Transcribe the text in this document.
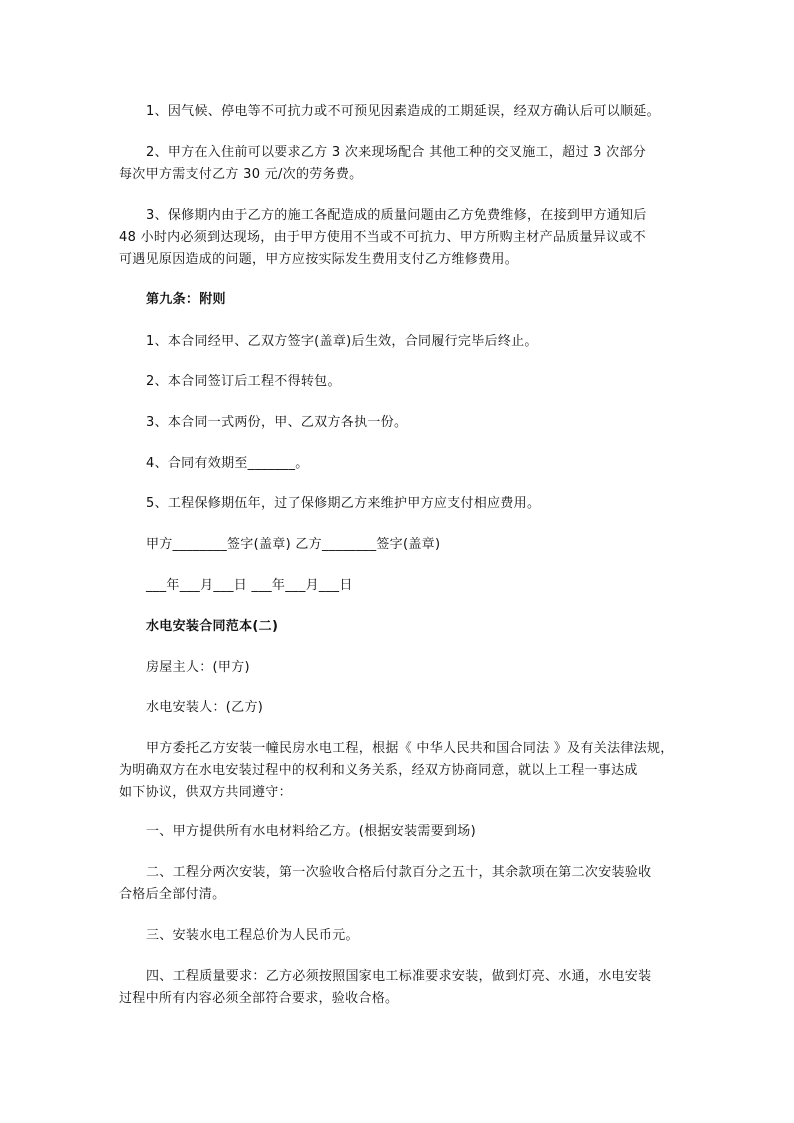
1、因气候、停电等不可抗力或不可预见因素造成的工期延误，经双方确认后可以顺延。

2、甲方在入住前可以要求乙方 3 次来现场配合 其他工种的交叉施工，超过 3 次部分
每次甲方需支付乙方 30 元/次的劳务费。

3、保修期内由于乙方的施工各配造成的质量问题由乙方免费维修，在接到甲方通知后
48 小时内必须到达现场，由于甲方使用不当或不可抗力、甲方所购主材产品质量异议或不
可遇见原因造成的问题，甲方应按实际发生费用支付乙方维修费用。

第九条：附则

1、本合同经甲、乙双方签字(盖章)后生效，合同履行完毕后终止。

2、本合同签订后工程不得转包。

3、本合同一式两份，甲、乙双方各执一份。

4、合同有效期至_______。

5、工程保修期伍年，过了保修期乙方来维护甲方应支付相应费用。

甲方________签字(盖章) 乙方________签字(盖章)

___年___月___日 ___年___月___日

水电安装合同范本(二)

房屋主人：(甲方)

水电安装人：(乙方)

甲方委托乙方安装一幢民房水电工程，根据《 中华人民共和国合同法 》及有关法律法规，
为明确双方在水电安装过程中的权利和义务关系，经双方协商同意，就以上工程一事达成
如下协议，供双方共同遵守：

一、甲方提供所有水电材料给乙方。(根据安装需要到场)

二、工程分两次安装，第一次验收合格后付款百分之五十，其余款项在第二次安装验收
合格后全部付清。

三、安装水电工程总价为人民币元。

四、工程质量要求：乙方必须按照国家电工标准要求安装，做到灯亮、水通，水电安装
过程中所有内容必须全部符合要求，验收合格。
